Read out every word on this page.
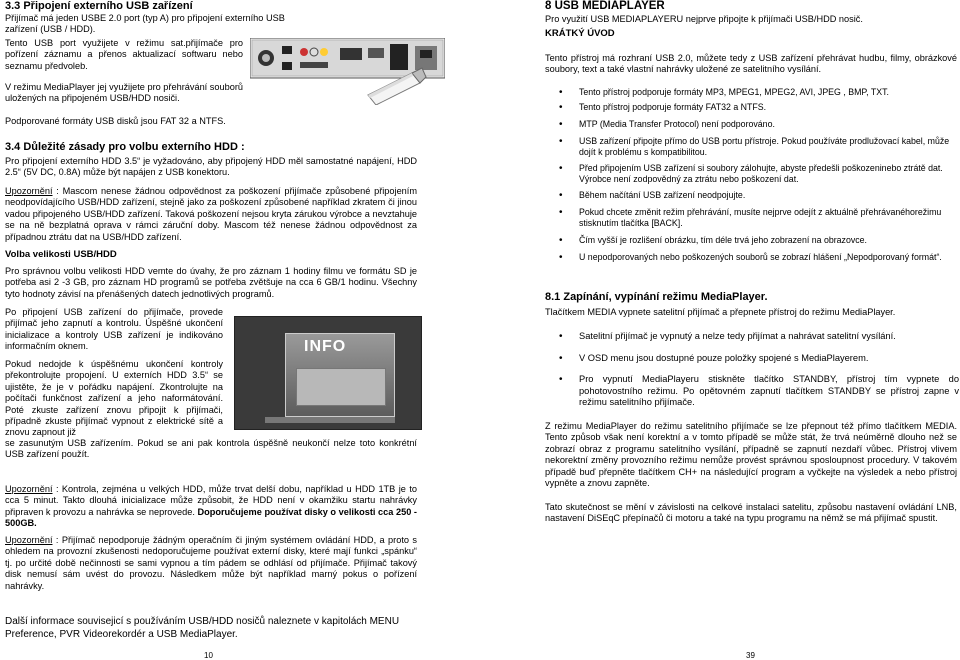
3.3 Připojení externího USB zařízení
Přijímač má jeden USBE 2.0 port (typ A) pro připojení externího USB zařízení (USB / HDD).
Tento USB port využijete v režimu sat.přijímače pro pořízení záznamu a přenos aktualizací softwaru nebo seznamu předvoleb.
V režimu MediaPlayer jej využijete pro přehrávání souborů uložených na připojeném USB/HDD nosiči.
Podporované formáty USB disků jsou FAT 32 a NTFS.
3.4 Důležité zásady pro volbu externího HDD :
Pro připojení externího HDD 3.5“ je vyžadováno, aby připojený HDD měl samostatné napájení, HDD 2.5“ (5V DC, 0.8A) může být napájen z USB konektoru.
Upozornění : Mascom nenese žádnou odpovědnost za poškození přijímače způsobené připojením neodpovídajícího USB/HDD zařízení, stejně jako za poškození způsobené například zkratem či jinou vadou připojeného USB/HDD zařízení. Taková poškození nejsou kryta zárukou výrobce a nevztahuje se na ně bezplatná oprava v rámci záruční doby. Mascom též nenese žádnou odpovědnost za případnou ztrátu dat na USB/HDD zařízení.
Volba velikosti USB/HDD
Pro správnou volbu velikosti HDD vemte do úvahy, že pro záznam 1 hodiny filmu ve formátu SD je potřeba asi 2 -3 GB, pro záznam HD programů se potřeba zvětšuje na cca 6 GB/1 hodinu. Všechny tyto hodnoty závisí na přenášených datech jednotlivých programů.
Po připojení USB zařízení do přijímače, provede přijímač jeho zapnutí a kontrolu. Úspěšné ukončení inicializace a kontroly USB zařízení je indikováno informačním oknem.
Pokud nedojde k úspěšnému ukončení kontroly překontrolujte propojení. U externích HDD 3.5“ se ujistěte, že je v pořádku napájení. Zkontrolujte na počítači funkčnost zařízení a jeho naformátování. Poté zkuste zařízení znovu připojit k přijímači, případně zkuste přijímač vypnout z elektrické sítě a znovu zapnout již
se zasunutým USB zařízením. Pokud se ani pak kontrola úspěšně neukončí nelze toto konkrétní USB zařízení použít.
INFO
Upozornění : Kontrola, zejména u velkých HDD, může trvat delší dobu, například u HDD 1TB je to cca 5 minut. Takto dlouhá inicializace může způsobit, že HDD není v okamžiku startu nahrávky připraven k provozu a nahrávka se neprovede. Doporučujeme používat disky o velikosti cca 250 - 500GB.
Upozornění : Přijímač nepodporuje žádným operačním či jiným systémem ovládání HDD, a proto s ohledem na provozní zkušenosti nedoporučujeme používat externí disky, které mají funkci „spánku“ tj. po určité době nečinnosti se sami vypnou a tím pádem se odhlásí od přijímače. Přijímač takový disk nemusí sám uvést do provozu. Následkem může být například marný pokus o pořízení nahrávky.
Další informace souvisejicí s používáním USB/HDD nosičů naleznete v kapitolách MENU Preference, PVR Videorekordér a USB MediaPlayer.
10
8 USB MEDIAPLAYER
Pro využití USB MEDIAPLAYERU nejprve připojte k přijímači USB/HDD nosič.
KRÁTKÝ ÚVOD
Tento přístroj má rozhraní USB 2.0, můžete tedy z USB zařízení přehrávat hudbu, filmy, obrázkové soubory, text a také vlastní nahrávky uložené ze satelitního vysílání.
• Tento přístroj podporuje formáty MP3, MPEG1, MPEG2, AVI, JPEG , BMP, TXT.
• Tento přístroj podporuje formáty FAT32 a NTFS.
• MTP (Media Transfer Protocol) není podporováno.
• USB zařízení připojte přímo do USB portu přístroje. Pokud používáte prodlužovací kabel, může dojít k problému s kompatibilitou.
• Před připojením USB zařízení si soubory zálohujte, abyste předešli poškozeninebo ztrátě dat. Výrobce není zodpovědný za ztrátu nebo poškození dat.
• Během načítání USB zařízení neodpojujte.
• Pokud chcete změnit režim přehrávání, musíte nejprve odejít z aktuálně přehrávanéhorežimu stisknutím tlačítka [BACK].
• Čím vyšší je rozlišení obrázku, tím déle trvá jeho zobrazení na obrazovce.
• U nepodporovaných nebo poškozených souborů se zobrazí hlášení „Nepodporovaný formát“.
8.1 Zapínání, vypínání režimu MediaPlayer.
Tlačítkem MEDIA vypnete satelitní přijímač a přepnete přístroj do režimu MediaPlayer.
• Satelitní přijímač je vypnutý a nelze tedy přijímat a nahrávat satelitní vysílání.
• V OSD menu jsou dostupné pouze položky spojené s MediaPlayerem.
• Pro vypnutí MediaPlayeru stiskněte tlačítko STANDBY, přístroj tím vypnete do pohotovostního režimu. Po opětovném zapnutí tlačítkem STANDBY se přístroj zapne v režimu satelitního přijímače.
Z režimu MediaPlayer do režimu satelitního přijímače se lze přepnout též přímo tlačítkem MEDIA. Tento způsob však není korektní a v tomto případě se může stát, že trvá neúměrně dlouho než se zobrazí obraz z programu satelitního vysílání, případně se zapnutí nezdaří vůbec. Přístroj vlivem nekorektní změny provozního režimu nemůže provést správnou sposloupnost procedury. V takovém případě buď přepněte tlačítkem CH+ na následující program a vyčkejte na výsledek a nebo přístroj vypněte a znovu zapněte.
Tato skutečnost se mění v závislosti na celkové instalaci satelitu, způsobu nastavení ovládání LNB, nastavení DiSEqC přepínačů či motoru a také na typu programu na němž se má přijímač spustit.
39
